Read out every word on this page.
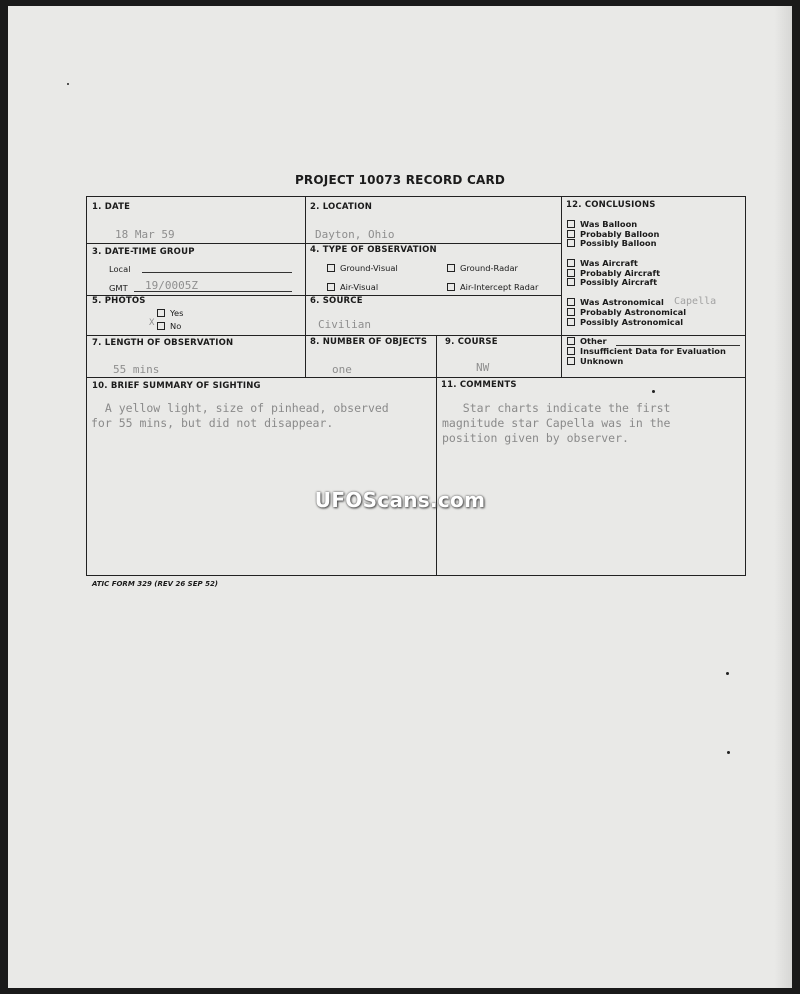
PROJECT 10073 RECORD CARD
1. DATE
18 Mar 59
2. LOCATION
Dayton, Ohio
12. CONCLUSIONS
Was Balloon
Probably Balloon
Possibly Balloon
Was Aircraft
Probably Aircraft
Possibly Aircraft
Was Astronomical Capella
Probably Astronomical
Possibly Astronomical
Other
Insufficient Data for Evaluation
Unknown
3. DATE-TIME GROUP
Local
GMT 19/0005Z
4. TYPE OF OBSERVATION
Ground-Visual	Ground-Radar
Air-Visual	Air-Intercept Radar
5. PHOTOS
Yes
X	No
6. SOURCE
Civilian
7. LENGTH OF OBSERVATION
55 mins
8. NUMBER OF OBJECTS
one
9. COURSE
NW
10. BRIEF SUMMARY OF SIGHTING
A yellow light, size of pinhead, observed
for 55 mins, but did not disappear.
11. COMMENTS
Star charts indicate the first
magnitude star Capella was in the
position given by observer.
UFOScans.com
ATIC FORM 329 (REV 26 SEP 52)
